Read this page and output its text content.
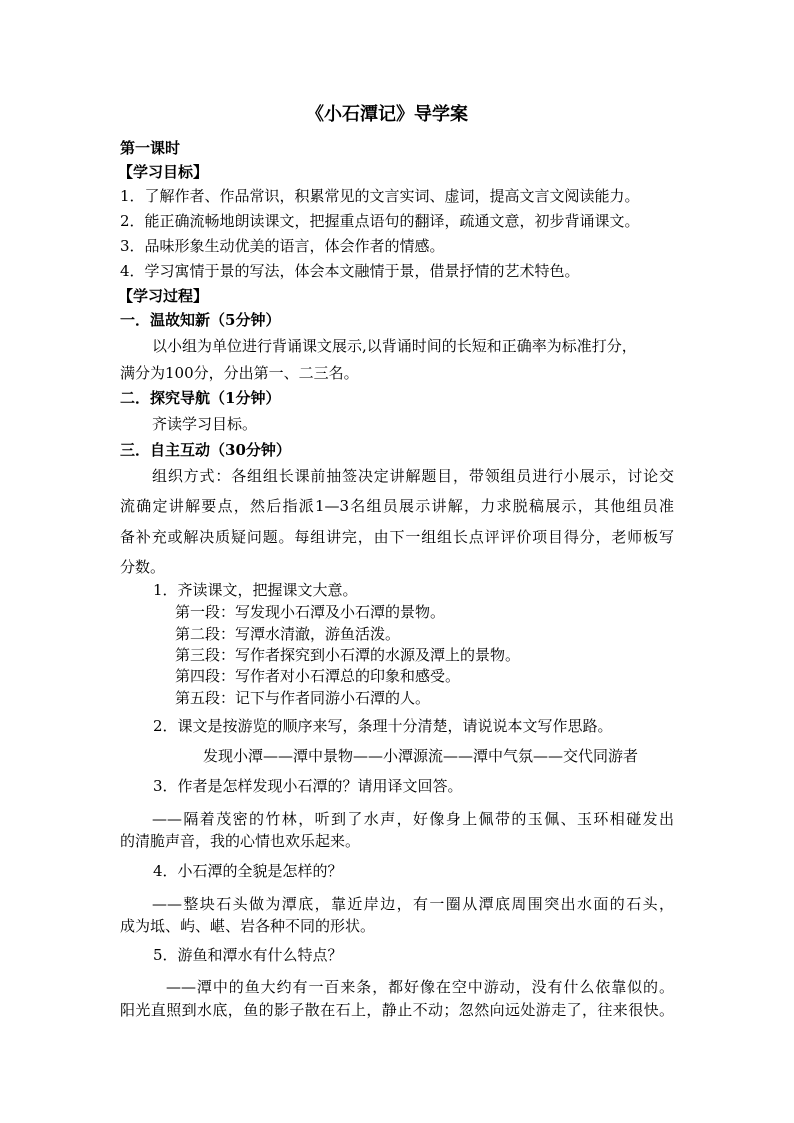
《小石潭记》导学案
第一课时
【学习目标】
1．了解作者、作品常识，积累常见的文言实词、虚词，提高文言文阅读能力。
2．能正确流畅地朗读课文，把握重点语句的翻译，疏通文意，初步背诵课文。
3．品味形象生动优美的语言，体会作者的情感。
4．学习寓情于景的写法，体会本文融情于景，借景抒情的艺术特色。
【学习过程】
一．温故知新（5分钟）
以小组为单位进行背诵课文展示,以背诵时间的长短和正确率为标准打分，
满分为100分，分出第一、二三名。
二．探究导航（1分钟）
齐读学习目标。
三．自主互动（30分钟）
组织方式：各组组长课前抽签决定讲解题目，带领组员进行小展示，讨论交
流确定讲解要点，然后指派1—3名组员展示讲解，力求脱稿展示，其他组员准
备补充或解决质疑问题。每组讲完，由下一组组长点评评价项目得分，老师板写
分数。
1．齐读课文，把握课文大意。
第一段：写发现小石潭及小石潭的景物。
第二段：写潭水清澈，游鱼活泼。
第三段：写作者探究到小石潭的水源及潭上的景物。
第四段：写作者对小石潭总的印象和感受。
第五段：记下与作者同游小石潭的人。
2．课文是按游览的顺序来写，条理十分清楚，请说说本文写作思路。
发现小潭——潭中景物——小潭源流——潭中气氛——交代同游者
3．作者是怎样发现小石潭的？请用译文回答。
——隔着茂密的竹林，听到了水声，好像身上佩带的玉佩、玉环相碰发出
的清脆声音，我的心情也欢乐起来。
4．小石潭的全貌是怎样的？
——整块石头做为潭底，靠近岸边，有一圈从潭底周围突出水面的石头，
成为坻、屿、嵁、岩各种不同的形状。
5．游鱼和潭水有什么特点？
——潭中的鱼大约有一百来条，都好像在空中游动，没有什么依靠似的。
阳光直照到水底，鱼的影子散在石上，静止不动；忽然向远处游走了，往来很快。
